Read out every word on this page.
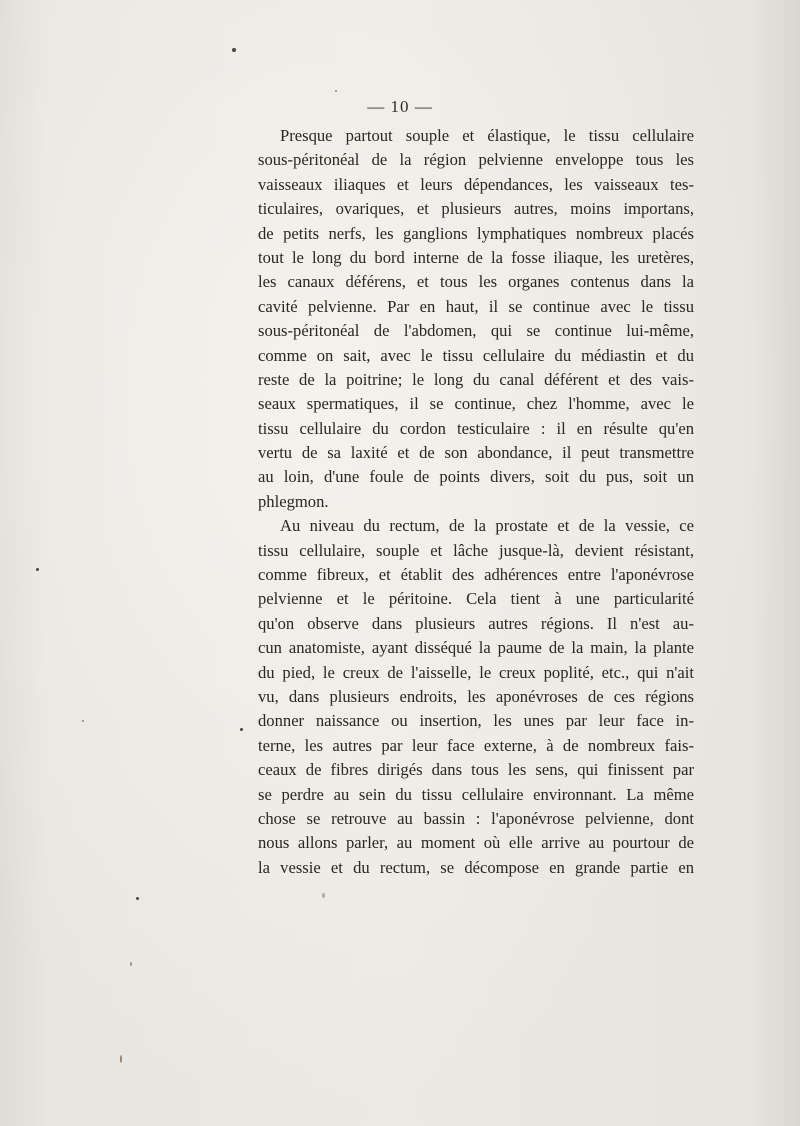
— 10 —

Presque partout souple et élastique, le tissu cellulaire
sous-péritonéal de la région pelvienne enveloppe tous les
vaisseaux iliaques et leurs dépendances, les vaisseaux tes-
ticulaires, ovariques, et plusieurs autres, moins importans,
de petits nerfs, les ganglions lymphatiques nombreux placés
tout le long du bord interne de la fosse iliaque, les uretères,
les canaux déférens, et tous les organes contenus dans la
cavité pelvienne. Par en haut, il se continue avec le tissu
sous-péritonéal de l'abdomen, qui se continue lui-même,
comme on sait, avec le tissu cellulaire du médiastin et du
reste de la poitrine; le long du canal déférent et des vais-
seaux spermatiques, il se continue, chez l'homme, avec le
tissu cellulaire du cordon testiculaire : il en résulte qu'en
vertu de sa laxité et de son abondance, il peut transmettre
au loin, d'une foule de points divers, soit du pus, soit un
phlegmon.

Au niveau du rectum, de la prostate et de la vessie, ce
tissu cellulaire, souple et lâche jusque-là, devient résistant,
comme fibreux, et établit des adhérences entre l'aponévrose
pelvienne et le péritoine. Cela tient à une particularité
qu'on observe dans plusieurs autres régions. Il n'est au-
cun anatomiste, ayant disséqué la paume de la main, la plante
du pied, le creux de l'aisselle, le creux poplité, etc., qui n'ait
vu, dans plusieurs endroits, les aponévroses de ces régions
donner naissance ou insertion, les unes par leur face in-
terne, les autres par leur face externe, à de nombreux fais-
ceaux de fibres dirigés dans tous les sens, qui finissent par
se perdre au sein du tissu cellulaire environnant. La même
chose se retrouve au bassin : l'aponévrose pelvienne, dont
nous allons parler, au moment où elle arrive au pourtour de
la vessie et du rectum, se décompose en grande partie en
